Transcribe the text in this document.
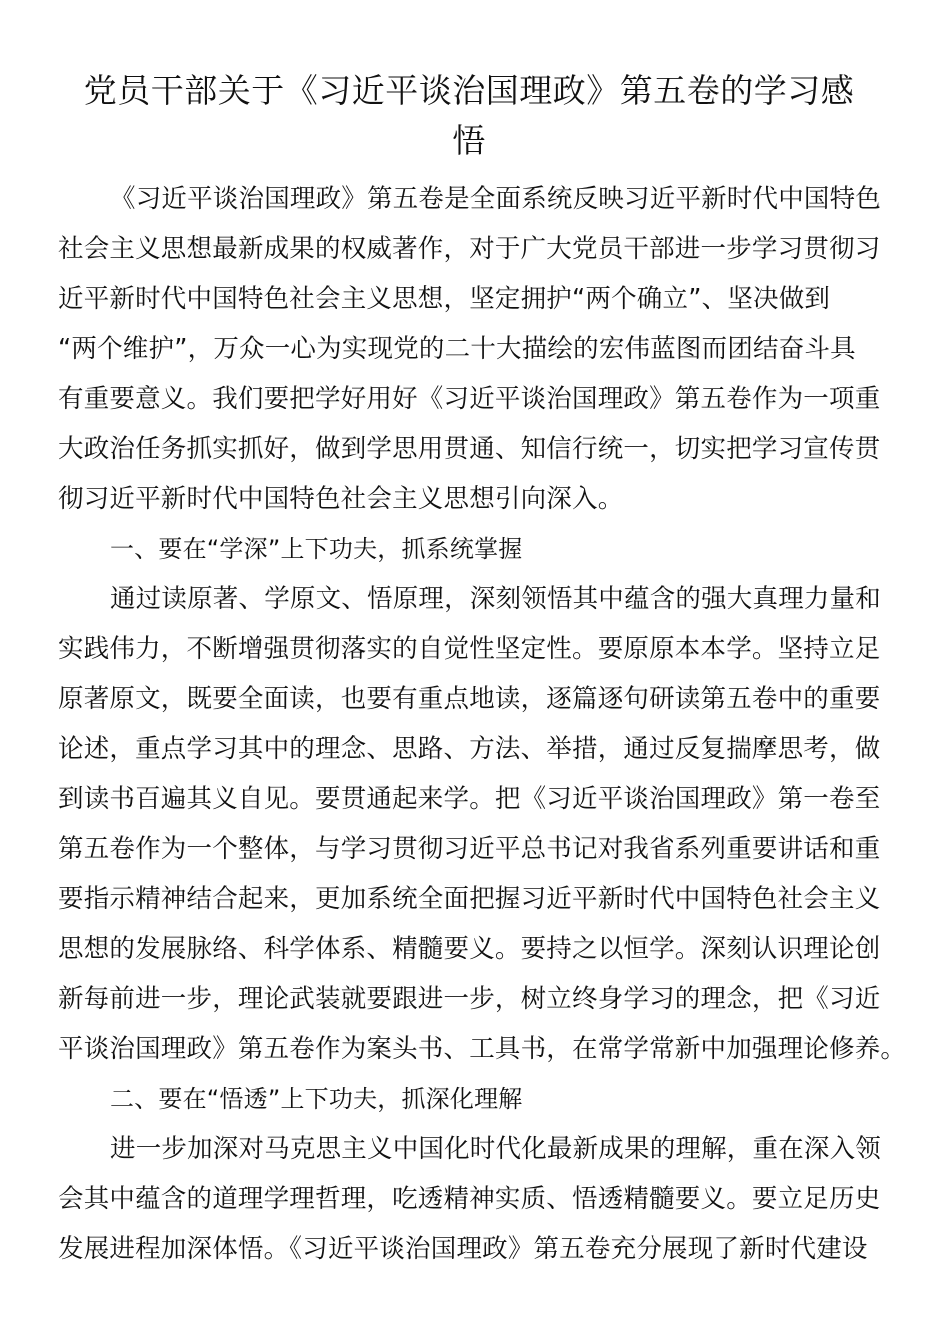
党员干部关于《习近平谈治国理政》第五卷的学习感
悟
《习近平谈治国理政》第五卷是全面系统反映习近平新时代中国特色
社会主义思想最新成果的权威著作，对于广大党员干部进一步学习贯彻习
近平新时代中国特色社会主义思想，坚定拥护“两个确立”、坚决做到
“两个维护”，万众一心为实现党的二十大描绘的宏伟蓝图而团结奋斗具
有重要意义。我们要把学好用好《习近平谈治国理政》第五卷作为一项重
大政治任务抓实抓好，做到学思用贯通、知信行统一，切实把学习宣传贯
彻习近平新时代中国特色社会主义思想引向深入。
一、要在“学深”上下功夫，抓系统掌握
通过读原著、学原文、悟原理，深刻领悟其中蕴含的强大真理力量和
实践伟力，不断增强贯彻落实的自觉性坚定性。要原原本本学。坚持立足
原著原文，既要全面读，也要有重点地读，逐篇逐句研读第五卷中的重要
论述，重点学习其中的理念、思路、方法、举措，通过反复揣摩思考，做
到读书百遍其义自见。要贯通起来学。把《习近平谈治国理政》第一卷至
第五卷作为一个整体，与学习贯彻习近平总书记对我省系列重要讲话和重
要指示精神结合起来，更加系统全面把握习近平新时代中国特色社会主义
思想的发展脉络、科学体系、精髓要义。要持之以恒学。深刻认识理论创
新每前进一步，理论武装就要跟进一步，树立终身学习的理念，把《习近
平谈治国理政》第五卷作为案头书、工具书，在常学常新中加强理论修养。
二、要在“悟透”上下功夫，抓深化理解
进一步加深对马克思主义中国化时代化最新成果的理解，重在深入领
会其中蕴含的道理学理哲理，吃透精神实质、悟透精髓要义。要立足历史
发展进程加深体悟。《习近平谈治国理政》第五卷充分展现了新时代建设
